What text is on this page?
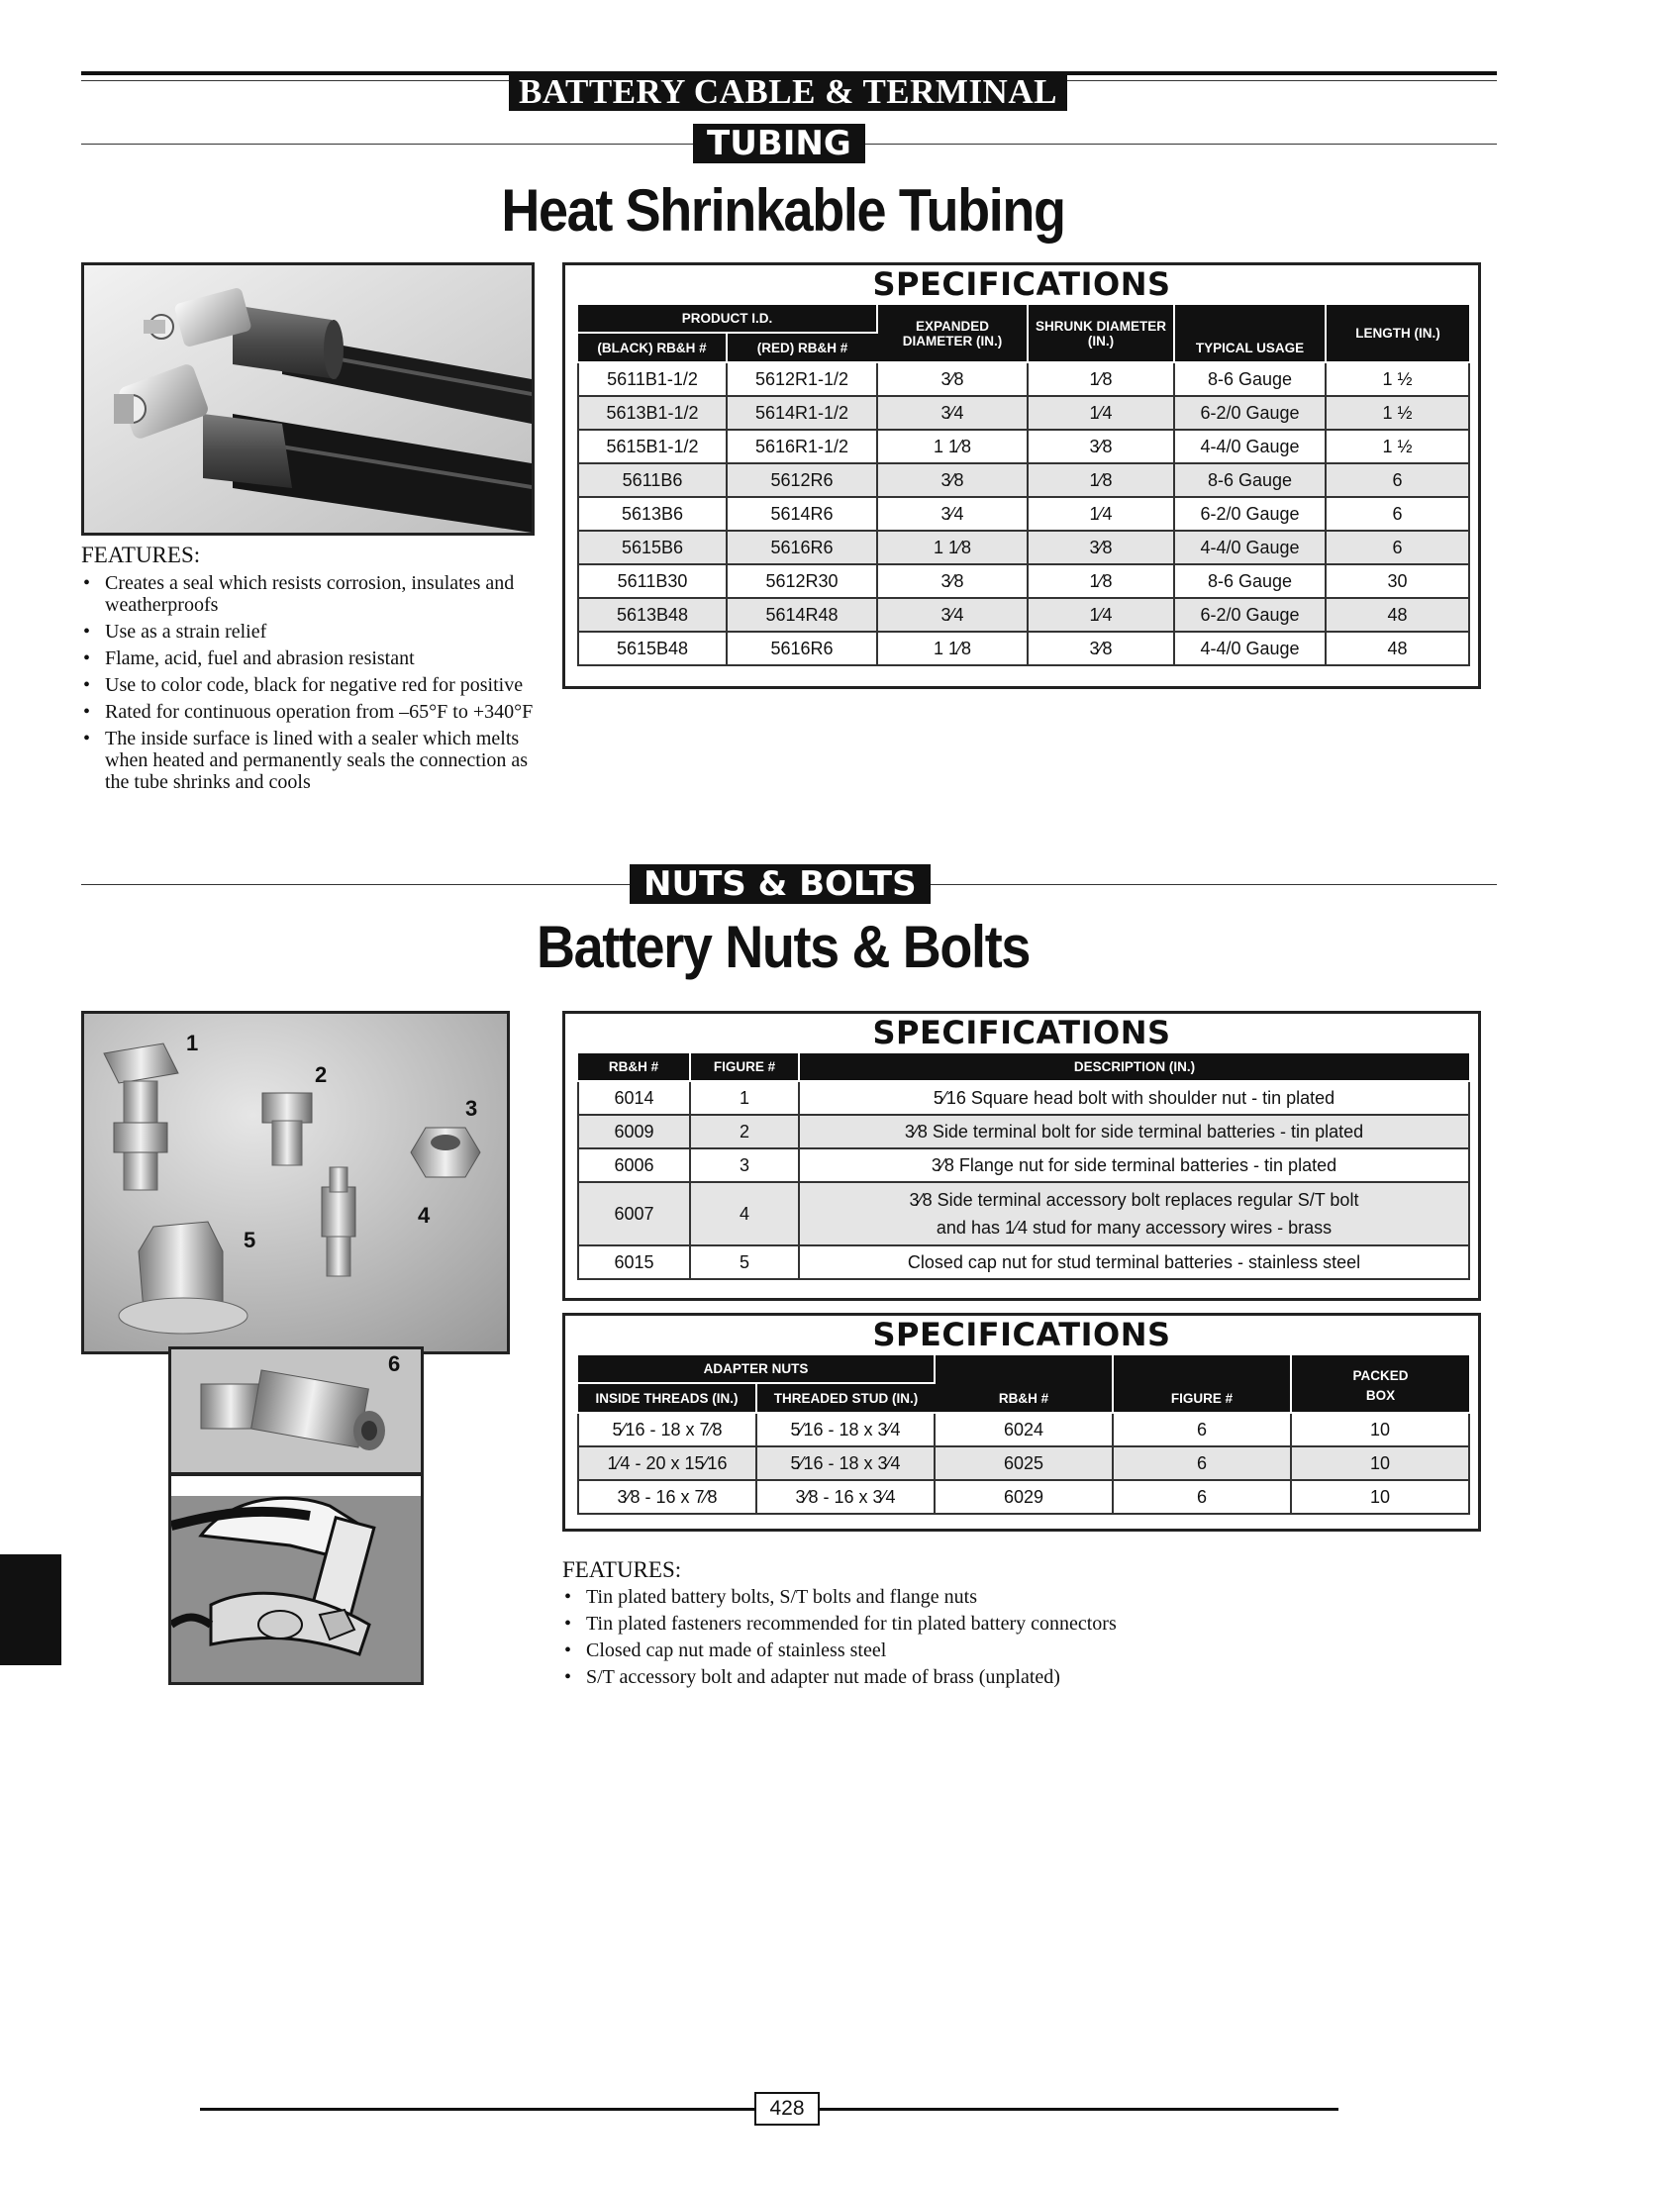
BATTERY CABLE & TERMINAL
TUBING
Heat Shrinkable Tubing
FEATURES:
• Creates a seal which resists corrosion, insulates and weatherproofs
• Use as a strain relief
• Flame, acid, fuel and abrasion resistant
• Use to color code, black for negative red for positive
• Rated for continuous operation from –65°F to +340°F
• The inside surface is lined with a sealer which melts when heated and permanently seals the connection as the tube shrinks and cools
SPECIFICATIONS
PRODUCT I.D.		EXPANDED DIAMETER (IN.)	SHRUNK DIAMETER (IN.)	TYPICAL USAGE	LENGTH (IN.)
(BLACK) RB&H #	(RED) RB&H #				
5611B1-1/2	5612R1-1/2	3⁄8	1⁄8	8-6 Gauge	1 ½
5613B1-1/2	5614R1-1/2	3⁄4	1⁄4	6-2/0 Gauge	1 ½
5615B1-1/2	5616R1-1/2	1 1⁄8	3⁄8	4-4/0 Gauge	1 ½
5611B6	5612R6	3⁄8	1⁄8	8-6 Gauge	6
5613B6	5614R6	3⁄4	1⁄4	6-2/0 Gauge	6
5615B6	5616R6	1 1⁄8	3⁄8	4-4/0 Gauge	6
5611B30	5612R30	3⁄8	1⁄8	8-6 Gauge	30
5613B48	5614R48	3⁄4	1⁄4	6-2/0 Gauge	48
5615B48	5616R6	1 1⁄8	3⁄8	4-4/0 Gauge	48
NUTS & BOLTS
Battery Nuts & Bolts
1
2
3
4
5
6
SPECIFICATIONS
RB&H #	FIGURE #	DESCRIPTION (IN.)
6014	1	5⁄16 Square head bolt with shoulder nut - tin plated
6009	2	3⁄8 Side terminal bolt for side terminal batteries - tin plated
6006	3	3⁄8 Flange nut for side terminal batteries - tin plated
6007	4	3⁄8 Side terminal accessory bolt replaces regular S/T bolt
and has 1⁄4 stud for many accessory wires - brass
6015	5	Closed cap nut for stud terminal batteries - stainless steel
SPECIFICATIONS
ADAPTER NUTS		RB&H #	FIGURE #	PACKED
BOX
INSIDE THREADS (IN.)	THREADED STUD (IN.)			
5⁄16 - 18 x 7⁄8	5⁄16 - 18 x 3⁄4	6024	6	10
1⁄4 - 20 x 15⁄16	5⁄16 - 18 x 3⁄4	6025	6	10
3⁄8 - 16 x 7⁄8	3⁄8 - 16 x 3⁄4	6029	6	10
FEATURES:
• Tin plated battery bolts, S/T bolts and flange nuts
• Tin plated fasteners recommended for tin plated battery connectors
• Closed cap nut made of stainless steel
• S/T accessory bolt and adapter nut made of brass (unplated)
428
